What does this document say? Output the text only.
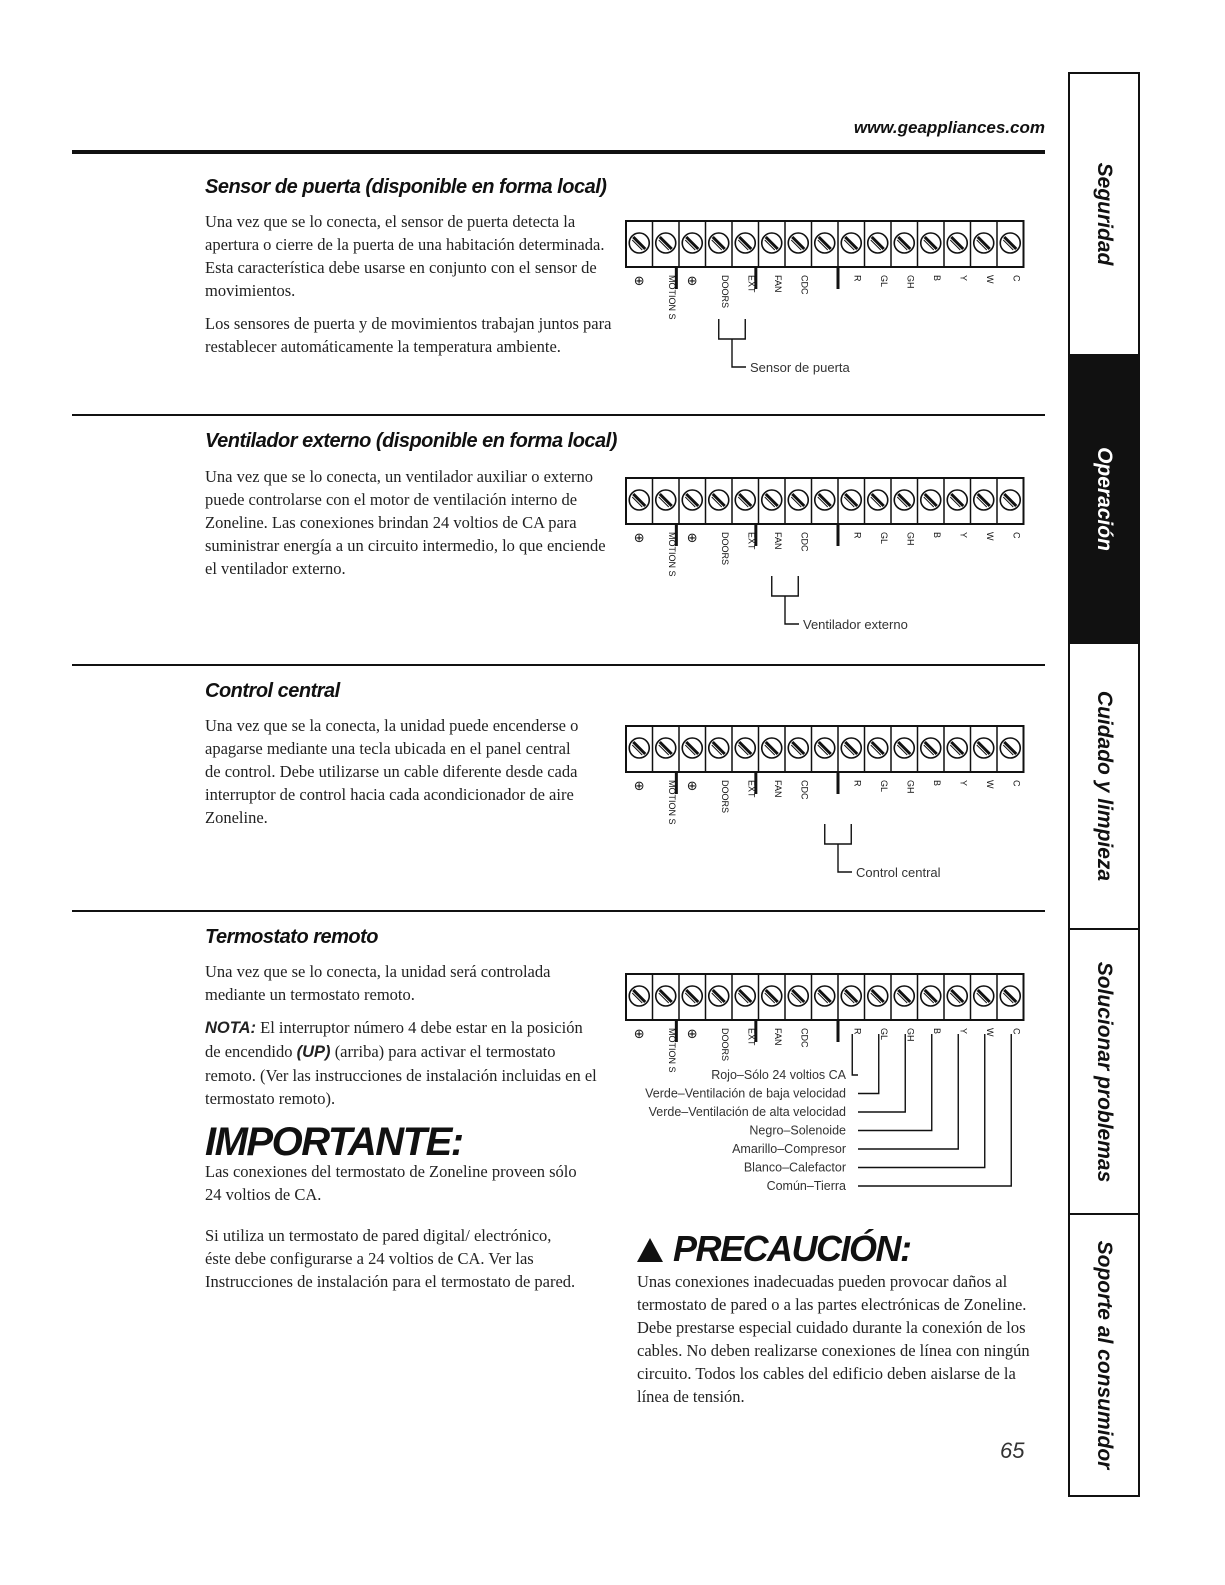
www.geappliances.com
Sensor de puerta (disponible en forma local)

Una vez que se lo conecta, el sensor de puerta detecta la apertura o cierre de la puerta de una habitación determinada. Esta característica debe usarse en conjunto con el sensor de movimientos.

Los sensores de puerta y de movimientos trabajan juntos para restablecer automáticamente la temperatura ambiente.

⊕ MOTION S ⊕ DOORS EXT FAN CDC	R GL GH B Y W C
Sensor de puerta
Ventilador externo (disponible en forma local)

Una vez que se lo conecta, un ventilador auxiliar o externo puede controlarse con el motor de ventilación interno de Zoneline. Las conexiones brindan 24 voltios de CA para suministrar energía a un circuito intermedio, lo que enciende el ventilador externo.

⊕ MOTION S ⊕ DOORS EXT FAN CDC	R GL GH B Y W C
Ventilador externo
Control central

Una vez que se la conecta, la unidad puede encenderse o apagarse mediante una tecla ubicada en el panel central de control. Debe utilizarse un cable diferente desde cada interruptor de control hacia cada acondicionador de aire Zoneline.

⊕ MOTION S ⊕ DOORS EXT FAN CDC	R GL GH B Y W C
Control central
Termostato remoto

Una vez que se lo conecta, la unidad será controlada mediante un termostato remoto.

NOTA: El interruptor número 4 debe estar en la posición de encendido (UP) (arriba) para activar el termostato remoto. (Ver las instrucciones de instalación incluidas en el termostato remoto).

IMPORTANTE:

Las conexiones del termostato de Zoneline proveen sólo 24 voltios de CA.

Si utiliza un termostato de pared digital/ electrónico, éste debe configurarse a 24 voltios de CA. Ver las Instrucciones de instalación para el termostato de pared.

⊕ MOTION S ⊕ DOORS EXT FAN CDC	R GL GH B Y W C
Rojo–Sólo 24 voltios CA
Verde–Ventilación de baja velocidad
Verde–Ventilación de alta velocidad
Negro–Solenoide
Amarillo–Compresor
Blanco–Calefactor
Común–Tierra
PRECAUCIÓN:

Unas conexiones inadecuadas pueden provocar daños al termostato de pared o a las partes electrónicas de Zoneline. Debe prestarse especial cuidado durante la conexión de los cables. No deben realizarse conexiones de línea con ningún circuito. Todos los cables del edificio deben aislarse de la línea de tensión.

65
Seguridad
Operación
Cuidado y limpieza
Solucionar problemas
Soporte al consumidor
